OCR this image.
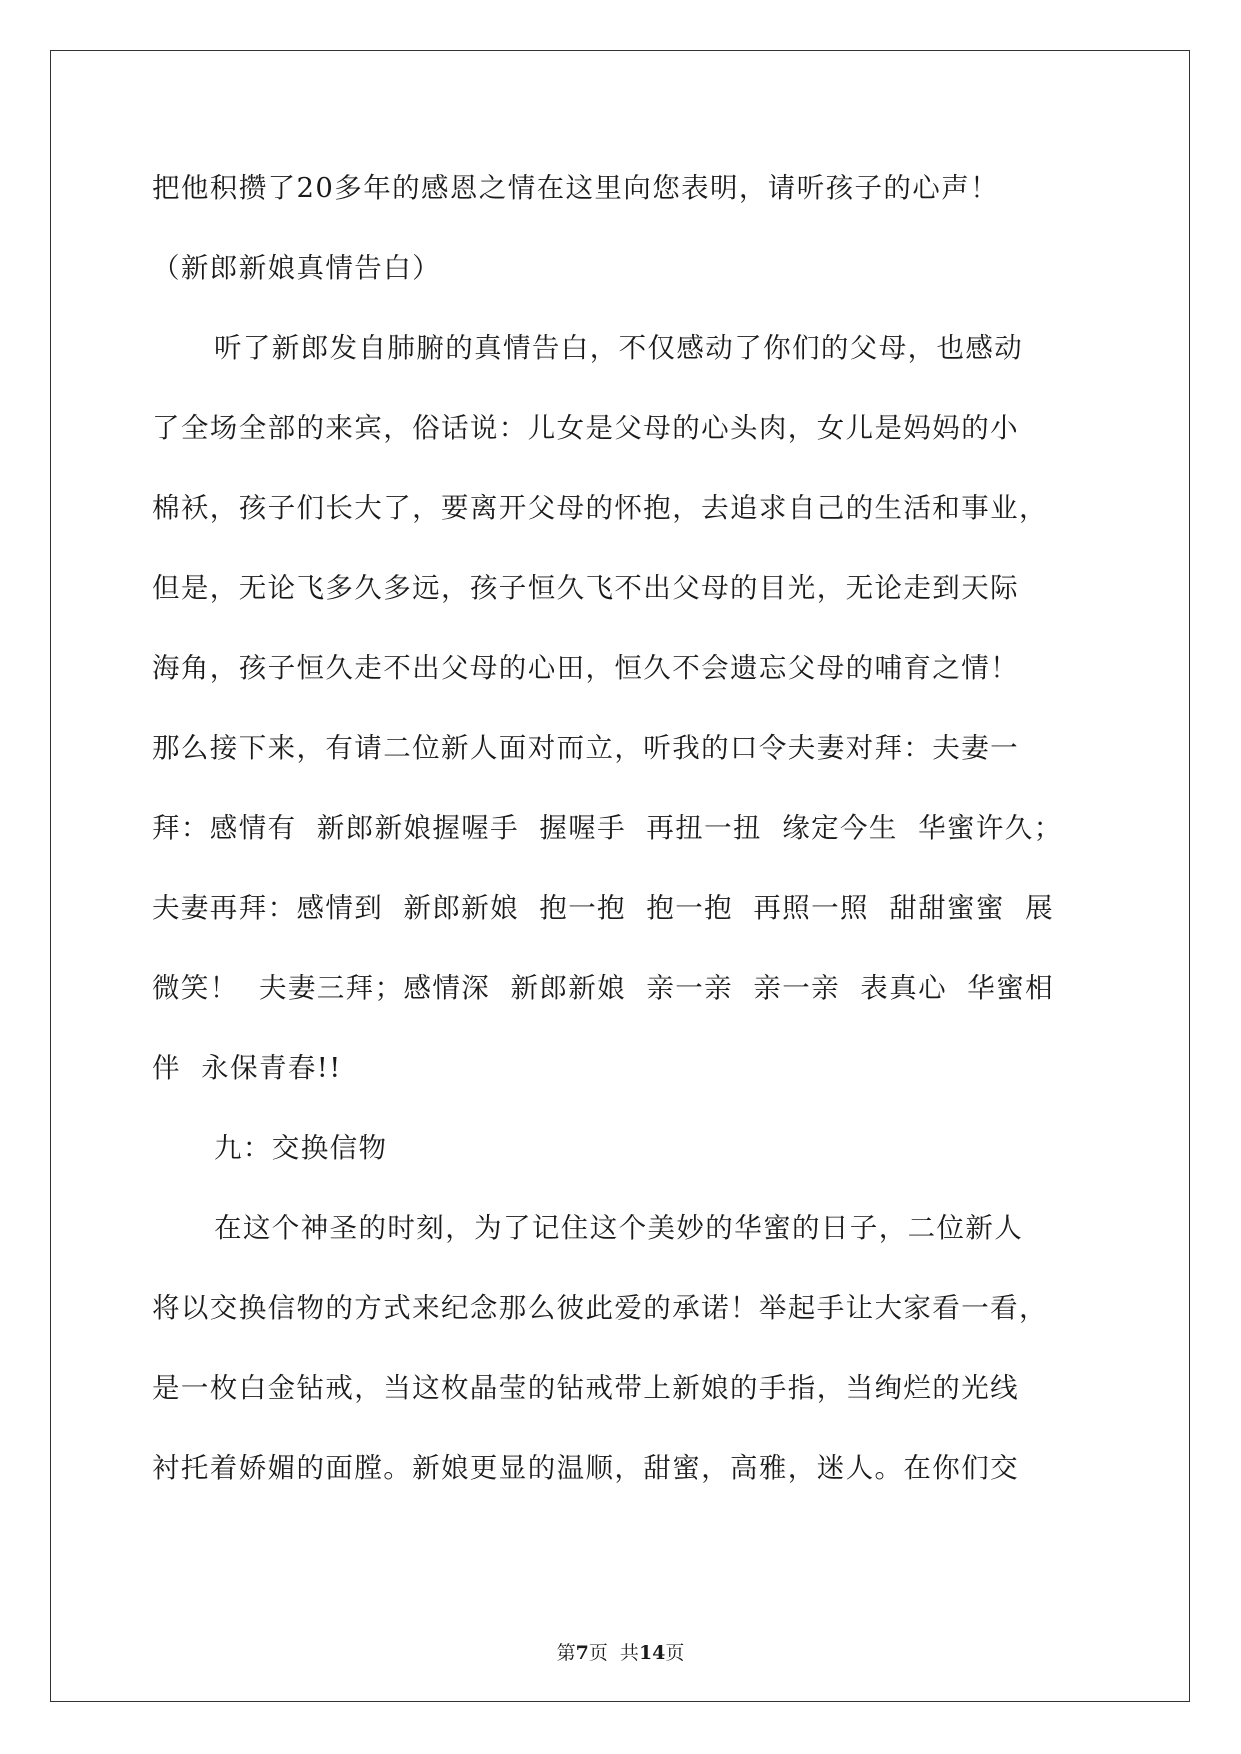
把他积攒了20多年的感恩之情在这里向您表明，请听孩子的心声！
（新郎新娘真情告白）
听了新郎发自肺腑的真情告白，不仅感动了你们的父母，也感动
了全场全部的来宾，俗话说：儿女是父母的心头肉，女儿是妈妈的小
棉袄，孩子们长大了，要离开父母的怀抱，去追求自己的生活和事业，
但是，无论飞多久多远，孩子恒久飞不出父母的目光，无论走到天际
海角，孩子恒久走不出父母的心田，恒久不会遗忘父母的哺育之情！
那么接下来，有请二位新人面对而立，听我的口令夫妻对拜：夫妻一
拜：感情有  新郎新娘握喔手  握喔手  再扭一扭  缘定今生  华蜜许久；
夫妻再拜：感情到  新郎新娘  抱一抱  抱一抱  再照一照  甜甜蜜蜜  展
微笑！  夫妻三拜；感情深  新郎新娘  亲一亲  亲一亲  表真心  华蜜相
伴  永保青春!!
九：交换信物
在这个神圣的时刻，为了记住这个美妙的华蜜的日子，二位新人
将以交换信物的方式来纪念那么彼此爱的承诺！举起手让大家看一看，
是一枚白金钻戒，当这枚晶莹的钻戒带上新娘的手指，当绚烂的光线
衬托着娇媚的面膛。新娘更显的温顺，甜蜜，高雅，迷人。在你们交
第7页  共14页
